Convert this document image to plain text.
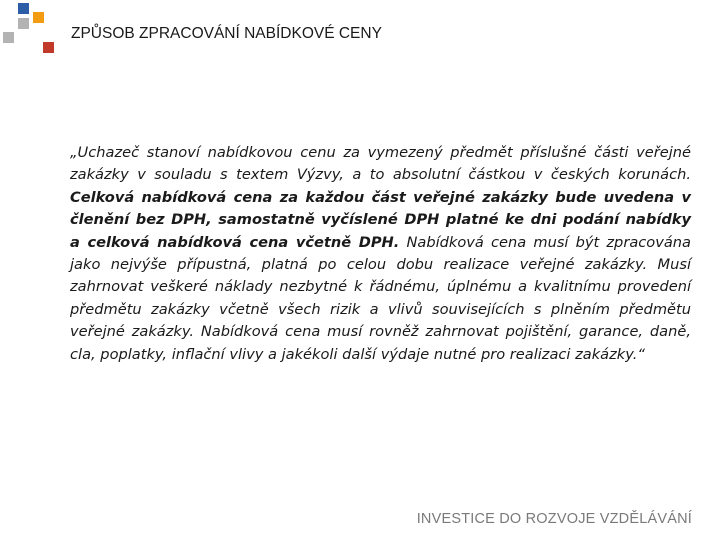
ZPŮSOB ZPRACOVÁNÍ NABÍDKOVÉ CENY
„Uchazeč stanoví nabídkovou cenu za vymezený předmět příslušné části veřejné zakázky v souladu s textem Výzvy, a to absolutní částkou v českých korunách. Celková nabídková cena za každou část veřejné zakázky bude uvedena v členění bez DPH, samostatně vyčíslené DPH platné ke dni podání nabídky a celková nabídková cena včetně DPH. Nabídková cena musí být zpracována jako nejvýše přípustná, platná po celou dobu realizace veřejné zakázky. Musí zahrnovat veškeré náklady nezbytné k řádnému, úplnému a kvalitnímu provedení předmětu zakázky včetně všech rizik a vlivů souvisejících s plněním předmětu veřejné zakázky. Nabídková cena musí rovněž zahrnovat pojištění, garance, daně, cla, poplatky, inflační vlivy a jakékoli další výdaje nutné pro realizaci zakázky.“
INVESTICE DO ROZVOJE VZDĚLÁVÁNÍ
